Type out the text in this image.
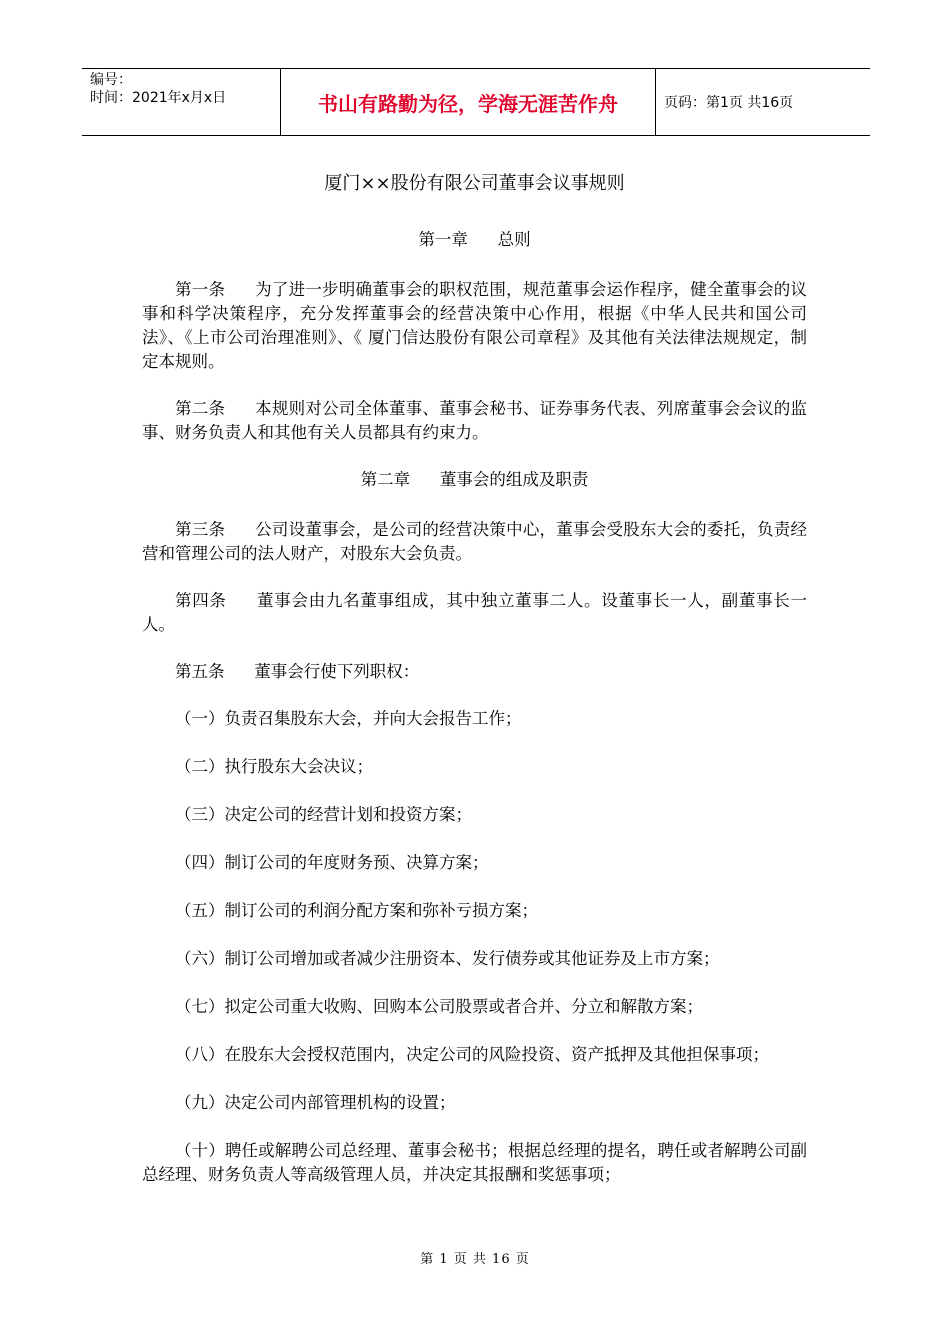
编号：
时间：2021年x月x日	书山有路勤为径，学海无涯苦作舟	页码：第1页 共16页
厦门××股份有限公司董事会议事规则
第一章 总则

第一条 为了进一步明确董事会的职权范围，规范董事会运作程序，健全董事会的议事和科学决策程序，充分发挥董事会的经营决策中心作用，根据《中华人民共和国公司法》、《上市公司治理准则》、《 厦门信达股份有限公司章程》及其他有关法律法规规定，制定本规则。

第二条 本规则对公司全体董事、董事会秘书、证券事务代表、列席董事会会议的监事、财务负责人和其他有关人员都具有约束力。

第二章 董事会的组成及职责

第三条 公司设董事会，是公司的经营决策中心，董事会受股东大会的委托，负责经营和管理公司的法人财产，对股东大会负责。

第四条 董事会由九名董事组成，其中独立董事二人。设董事长一人，副董事长一人。

第五条 董事会行使下列职权：

（一）负责召集股东大会，并向大会报告工作；

（二）执行股东大会决议；

（三）决定公司的经营计划和投资方案；

（四）制订公司的年度财务预、决算方案；

（五）制订公司的利润分配方案和弥补亏损方案；

（六）制订公司增加或者减少注册资本、发行债券或其他证券及上市方案；

（七）拟定公司重大收购、回购本公司股票或者合并、分立和解散方案；

（八）在股东大会授权范围内，决定公司的风险投资、资产抵押及其他担保事项；

（九）决定公司内部管理机构的设置；

（十）聘任或解聘公司总经理、董事会秘书；根据总经理的提名，聘任或者解聘公司副总经理、财务负责人等高级管理人员，并决定其报酬和奖惩事项；

第 1 页 共 16 页
